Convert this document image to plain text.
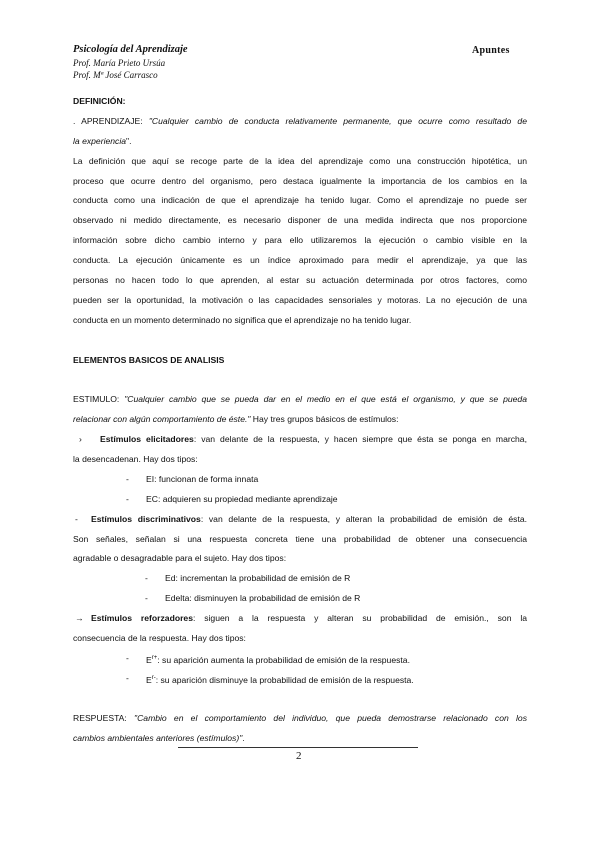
Psicología del Aprendizaje	Apuntes
Prof. María Prieto Ursúa
Prof. Mª José Carrasco
DEFINICIÓN:
. APRENDIZAJE: "Cualquier cambio de conducta relativamente permanente, que ocurre como resultado de
la experiencia".
La definición que aquí se recoge parte de la idea del aprendizaje como una construcción hipotética, un
proceso que ocurre dentro del organismo, pero destaca igualmente la importancia de los cambios en la
conducta como una indicación de que el aprendizaje ha tenido lugar. Como el aprendizaje no puede ser
observado ni medido directamente, es necesario disponer de una medida indirecta que nos proporcione
información sobre dicho cambio interno y para ello utilizaremos la ejecución o cambio visible en la
conducta. La ejecución únicamente es un índice aproximado para medir el aprendizaje, ya que las
personas no hacen todo lo que aprenden, al estar su actuación determinada por otros factores, como
pueden ser la oportunidad, la motivación o las capacidades sensoriales y motoras. La no ejecución de una
conducta en un momento determinado no significa que el aprendizaje no ha tenido lugar.
ELEMENTOS BASICOS DE ANALISIS
ESTIMULO: "Cualquier cambio que se pueda dar en el medio en el que está el organismo, y que se pueda
relacionar con algún comportamiento de éste." Hay tres grupos básicos de estímulos:
› Estímulos elicitadores: van delante de la respuesta, y hacen siempre que ésta se ponga en marcha,
la desencadenan. Hay dos tipos:
- EI: funcionan de forma innata
- EC: adquieren su propiedad mediante aprendizaje
- Estímulos discriminativos: van delante de la respuesta, y alteran la probabilidad de emisión de ésta.
Son señales, señalan si una respuesta concreta tiene una probabilidad de obtener una consecuencia
agradable o desagradable para el sujeto. Hay dos tipos:
- Ed: incrementan la probabilidad de emisión de R
- Edelta: disminuyen la probabilidad de emisión de R
→ Estímulos reforzadores: siguen a la respuesta y alteran su probabilidad de emisión., son la
consecuencia de la respuesta. Hay dos tipos:
- $E^{r+}$: su aparición aumenta la probabilidad de emisión de la respuesta.
- $E^{r-}$: su aparición disminuye la probabilidad de emisión de la respuesta.
RESPUESTA: "Cambio en el comportamiento del individuo, que pueda demostrarse relacionado con los
cambios ambientales anteriores (estímulos)".
2
